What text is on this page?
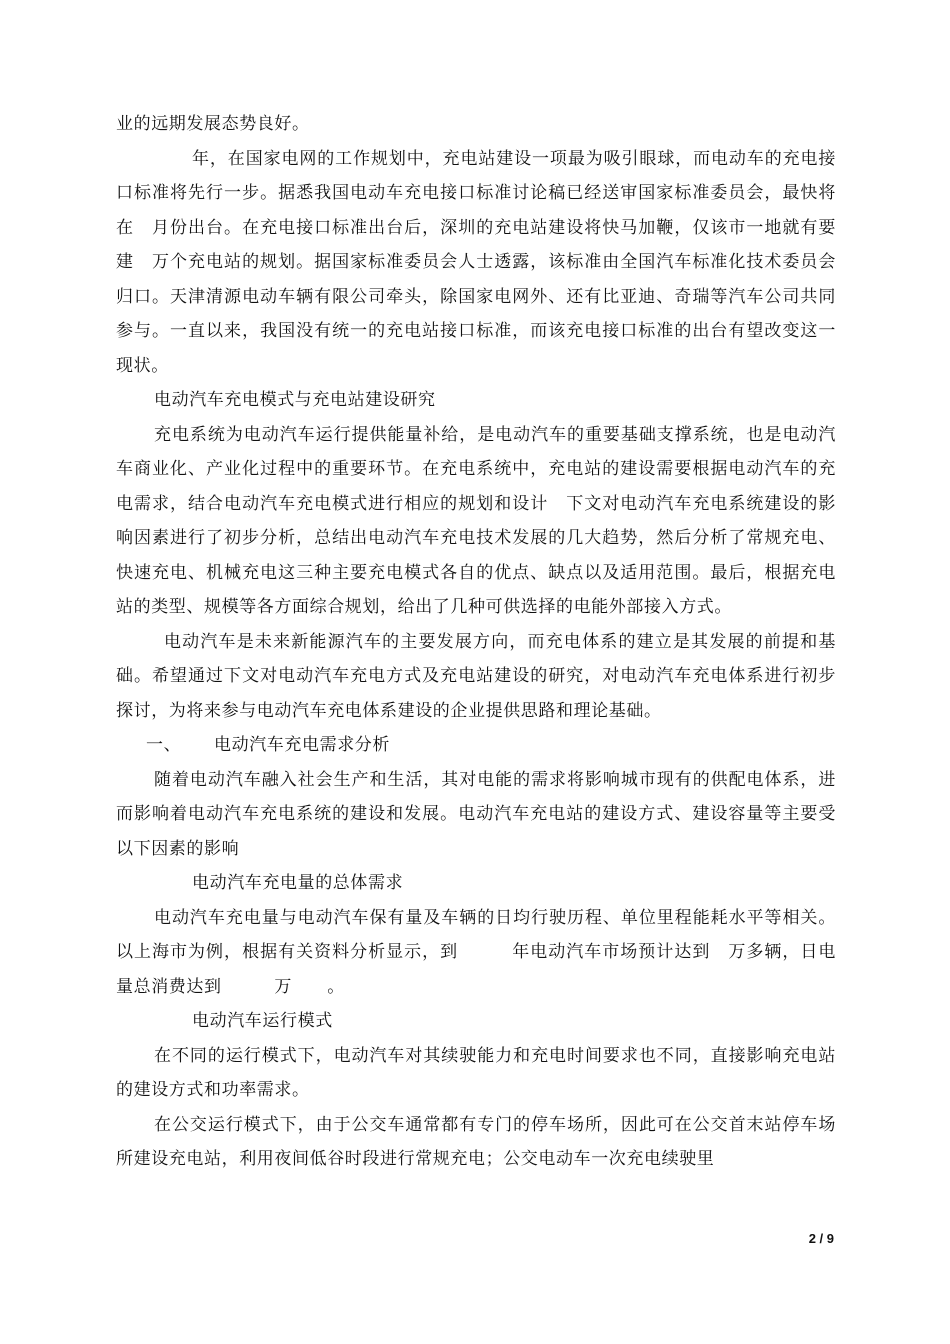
业的远期发展态势良好。

年，在国家电网的工作规划中，充电站建设一项最为吸引眼球，而电动车的充电接口标准将先行一步。据悉我国电动车充电接口标准讨论稿已经送审国家标准委员会，最快将在　月份出台。在充电接口标准出台后，深圳的充电站建设将快马加鞭，仅该市一地就有要建　万个充电站的规划。据国家标准委员会人士透露，该标准由全国汽车标准化技术委员会归口。天津清源电动车辆有限公司牵头，除国家电网外、还有比亚迪、奇瑞等汽车公司共同参与。一直以来，我国没有统一的充电站接口标准，而该充电接口标准的出台有望改变这一现状。

电动汽车充电模式与充电站建设研究

充电系统为电动汽车运行提供能量补给，是电动汽车的重要基础支撑系统，也是电动汽车商业化、产业化过程中的重要环节。在充电系统中，充电站的建设需要根据电动汽车的充电需求，结合电动汽车充电模式进行相应的规划和设计　下文对电动汽车充电系统建设的影响因素进行了初步分析，总结出电动汽车充电技术发展的几大趋势，然后分析了常规充电、快速充电、机械充电这三种主要充电模式各自的优点、缺点以及适用范围。最后，根据充电站的类型、规模等各方面综合规划，给出了几种可供选择的电能外部接入方式。

电动汽车是未来新能源汽车的主要发展方向，而充电体系的建立是其发展的前提和基础。希望通过下文对电动汽车充电方式及充电站建设的研究，对电动汽车充电体系进行初步探讨，为将来参与电动汽车充电体系建设的企业提供思路和理论基础。

一、 电动汽车充电需求分析

随着电动汽车融入社会生产和生活，其对电能的需求将影响城市现有的供配电体系，进而影响着电动汽车充电系统的建设和发展。电动汽车充电站的建设方式、建设容量等主要受以下因素的影响

电动汽车充电量的总体需求

电动汽车充电量与电动汽车保有量及车辆的日均行驶历程、单位里程能耗水平等相关。以上海市为例，根据有关资料分析显示，到　　　年电动汽车市场预计达到　万多辆，日电量总消费达到　　　万　　。

电动汽车运行模式

在不同的运行模式下，电动汽车对其续驶能力和充电时间要求也不同，直接影响充电站的建设方式和功率需求。

在公交运行模式下，由于公交车通常都有专门的停车场所，因此可在公交首末站停车场所建设充电站，利用夜间低谷时段进行常规充电；公交电动车一次充电续驶里

2 / 9
